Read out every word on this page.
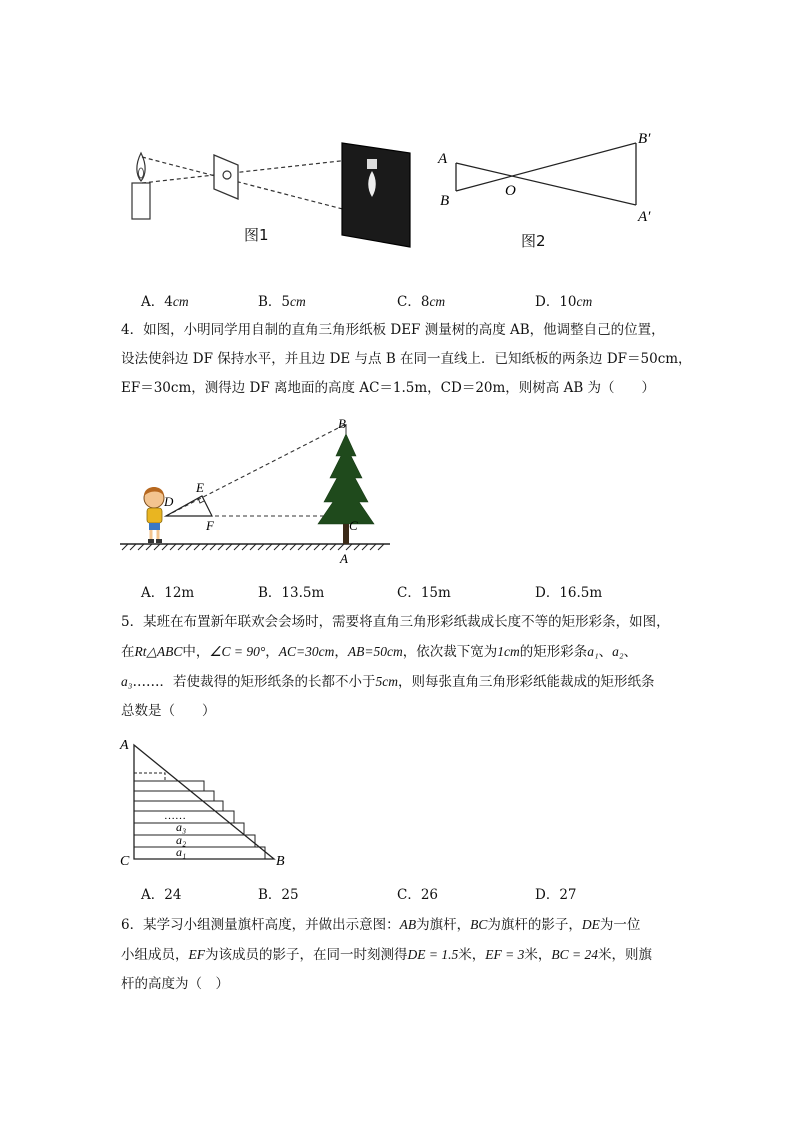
图1
A
B
O
B′
A′
图2
A．4cm	B．5cm	C．8cm	D．10cm
4．如图，小明同学用自制的直角三角形纸板 DEF 测量树的高度 AB，他调整自己的位置，
设法使斜边 DF 保持水平，并且边 DE 与点 B 在同一直线上．已知纸板的两条边 DF＝50cm，
EF＝30cm，测得边 DF 离地面的高度 AC＝1.5m，CD＝20m，则树高 AB 为（　　）
B
E
D
F	C
A
A．12m	B．13.5m	C．15m	D．16.5m
5．某班在布置新年联欢会会场时，需要将直角三角形彩纸裁成长度不等的矩形彩条，如图，
在Rt△ABC中，∠C = 90°，AC=30cm，AB=50cm，依次裁下宽为1cm的矩形彩条a₁、a₂、
a₃……．若使裁得的矩形纸条的长都不小于5cm，则每张直角三角形彩纸能裁成的矩形纸条
总数是（　　）
A
C	B
……
a₃
a₂
a₁
A．24	B．25	C．26	D．27
6．某学习小组测量旗杆高度，并做出示意图：AB为旗杆，BC为旗杆的影子，DE为一位
小组成员，EF为该成员的影子，在同一时刻测得DE = 1.5米，EF = 3米，BC = 24米，则旗
杆的高度为（　）
